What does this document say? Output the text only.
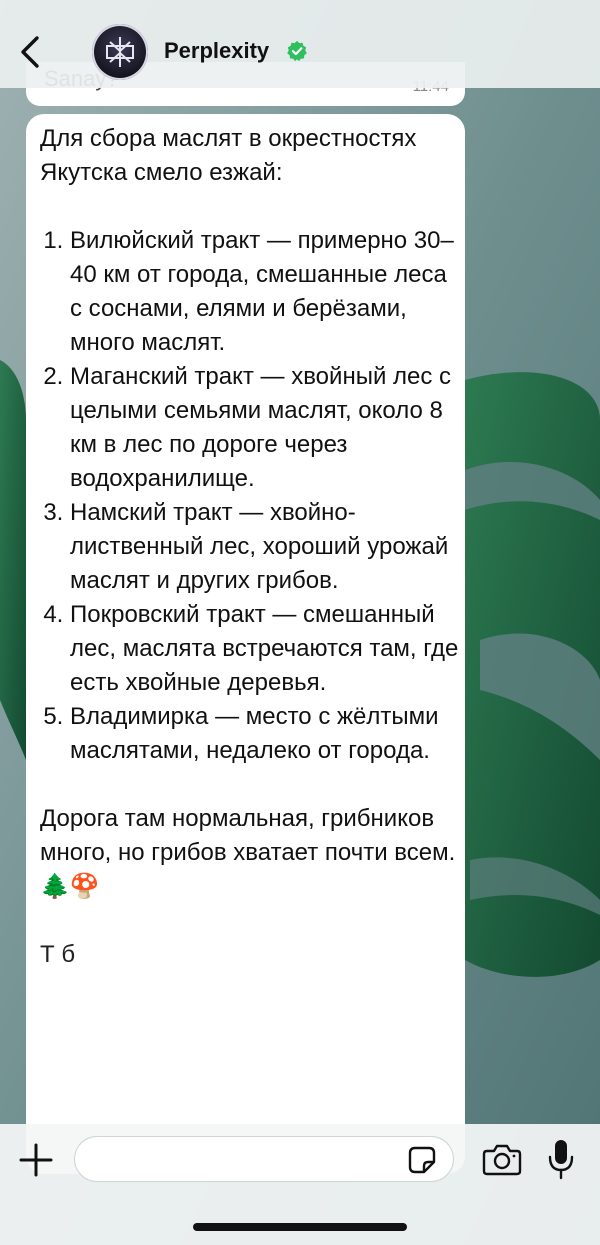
Perplexity

Для сбора маслят в окрестностях Якутска смело езжай:

1. Вилюйский тракт — примерно 30–40 км от города, смешанные леса с соснами, елями и берёзами, много маслят.
2. Маганский тракт — хвойный лес с целыми семьями маслят, около 8 км в лес по дороге через водохранилище.
3. Намский тракт — хвойно-лиственный лес, хороший урожай маслят и других грибов.
4. Покровский тракт — смешанный лес, маслята встречаются там, где есть хвойные деревья.
5. Владимирка — место с жёлтыми маслятами, недалеко от города.

Дорога там нормальная, грибников много, но грибов хватает почти всем. 🌲🍄

Т б
